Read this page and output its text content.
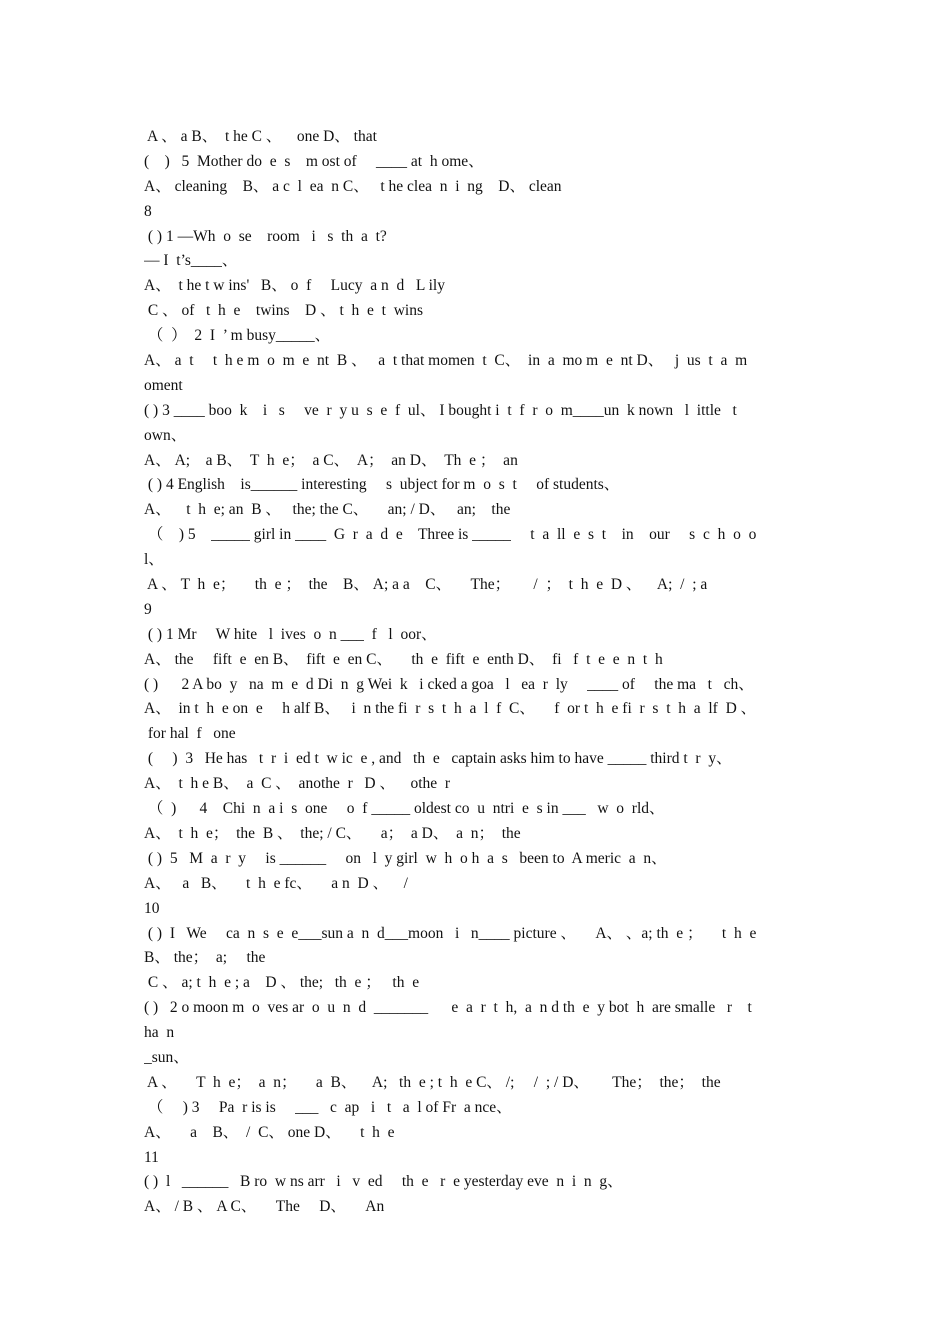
A 、 a B、  t he C 、    one D、 that
(    )   5  Mother do  e  s    m ost of     ____ at  h ome、
A、 cleaning    B、 a c  l  ea  n C、   t he clea  n  i  ng    D、 clean
8
( ) 1 —Wh  o  se    room   i   s  th  a  t?
— I  t’s____、
A、  t he t w ins'   B、 o  f     Lucy  a n  d   L ily
C 、 of   t  h  e    twins    D 、 t  h  e  t  wins
（  ）  2  I  ’ m busy_____、
A、 a  t     t  h e m  o  m  e  nt  B 、   a  t that momen  t  C、  in  a  mo m  e  nt D、   j  us  t  a  m
oment
( ) 3 ____ boo  k    i   s     ve  r  y u  s  e  f  ul、 I bought i  t  f  r  o  m____un  k nown   l  ittle   t
own、
A、 A;    a B、  T  h  e；  a C、  A；  an D、  Th  e ；  an
( ) 4 English    is______ interesting     s  ubject for m  o  s  t     of students、
A、    t  h  e; an  B 、   the; the C、     an; / D、   an;    the
（    ) 5    _____ girl in ____  G  r  a  d  e    Three is _____     t  a  ll  e  s  t    in    our     s  c  h  o  o
l、
A 、 T  h  e；     th  e ；  the    B、 A; a a    C、     The；      /  ；  t  h  e  D 、    A;  /  ; a
9
( ) 1 Mr     W hite   l  ives  o  n ___  f   l  oor、
A、 the     fift  e  en B、  fift  e  en C、     th  e  fift  e  enth D、  fi   f  t  e  e  n  t  h
( )      2 A bo  y   na  m  e  d Di  n  g Wei  k   i cked a goa   l   ea  r  ly     ____ of     the ma   t   ch、
A、  in t  h  e on  e     h alf B、   i  n the fi  r  s  t  h  a  l  f  C、     f  or t  h  e fi  r  s  t  h  a  lf  D 、
for hal  f   one
(     )  3   He has   t  r  i  ed t  w ic  e , and   th  e   captain asks him to have _____ third t  r  y、
A、  t  h e B、  a  C 、  anothe  r   D 、    othe  r
（  )      4    Chi  n  a i  s  one     o  f _____ oldest co  u  ntri  e  s in ___   w  o  rld、
A、  t  h  e；  the  B 、  the; / C、     a；  a D、  a  n；  the
( )  5   M  a  r  y     is ______     on   l  y girl  w  h  o h  a  s   been to  A meric  a  n、
A、   a   B、     t  h  e fc、     a n  D 、    /
10
( )  I   We     ca  n  s  e  e___sun a  n  d___moon   i   n____ picture 、     A、 、a; th  e ；     t  h  e
B、 the；  a;     the
C 、 a; t  h  e ; a    D 、 the;   th  e ；   th  e
( )   2 o moon m  o  ves ar  o  u  n  d  _______      e  a  r  t  h,  a  n d th  e  y bot  h  are smalle   r    t
ha  n
_sun、
A 、     T  h  e；  a  n；     a  B、    A;   th  e ; t  h  e C、 /;     /  ; / D、      The；  the；  the
（     ) 3     Pa  r is is     ___   c  ap   i   t   a  l of Fr  a nce、
A、     a    B、  /  C、 one D、     t  h  e
11
( )  l   ______   B ro  w ns arr   i   v  ed     th  e   r  e yesterday eve  n  i  n  g、
A、 / B 、 A C、     The     D、     An
